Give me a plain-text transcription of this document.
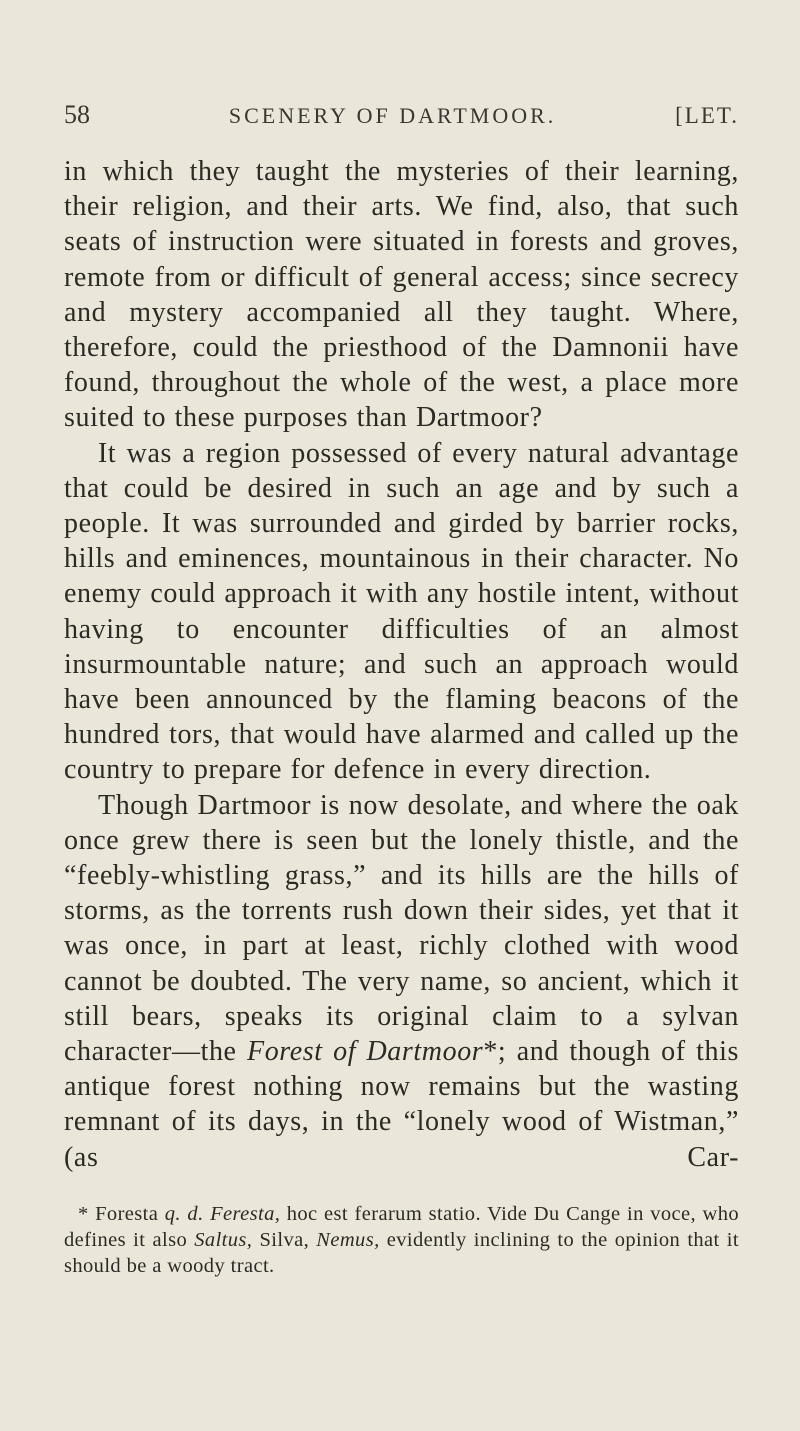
58	SCENERY OF DARTMOOR.	[LET.

in which they taught the mysteries of their learning, their religion, and their arts. We find, also, that such seats of instruction were situated in forests and groves, remote from or difficult of general access; since secrecy and mystery accompanied all they taught. Where, therefore, could the priesthood of the Damnonii have found, throughout the whole of the west, a place more suited to these purposes than Dartmoor?

It was a region possessed of every natural advantage that could be desired in such an age and by such a people. It was surrounded and girded by barrier rocks, hills and eminences, mountainous in their character. No enemy could approach it with any hostile intent, without having to encounter difficulties of an almost insurmountable nature; and such an approach would have been announced by the flaming beacons of the hundred tors, that would have alarmed and called up the country to prepare for defence in every direction.

Though Dartmoor is now desolate, and where the oak once grew there is seen but the lonely thistle, and the “feebly-whistling grass,” and its hills are the hills of storms, as the torrents rush down their sides, yet that it was once, in part at least, richly clothed with wood cannot be doubted. The very name, so ancient, which it still bears, speaks its original claim to a sylvan character—the Forest of Dartmoor*; and though of this antique forest nothing now remains but the wasting remnant of its days, in the “lonely wood of Wistman,” (as Car-

* Foresta q. d. Feresta, hoc est ferarum statio. Vide Du Cange in voce, who defines it also Saltus, Silva, Nemus, evidently inclining to the opinion that it should be a woody tract.
